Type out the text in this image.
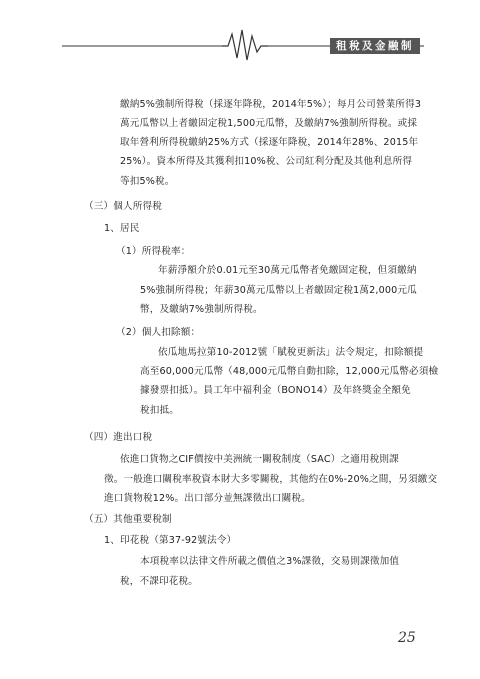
租稅及金融制度

繳納5%強制所得稅（採逐年降稅，2014年5%）；每月公司營業所得3

萬元瓜幣以上者繳固定稅1,500元瓜幣，及繳納7%強制所得稅。或採

取年營利所得稅繳納25%方式（採逐年降稅，2014年28%、2015年

25%）。資本所得及其獲利扣10%稅、公司紅利分配及其他利息所得

等扣5%稅。

（三）個人所得稅

1、居民

（1）所得稅率：

年薪淨額介於0.01元至30萬元瓜幣者免繳固定稅，但須繳納

5%強制所得稅；年薪30萬元瓜幣以上者繳固定稅1萬2,000元瓜

幣，及繳納7%強制所得稅。

（2）個人扣除額：

依瓜地馬拉第10-2012號「賦稅更新法」法令規定，扣除額提

高至60,000元瓜幣（48,000元瓜幣自動扣除，12,000元瓜幣必須檢

據發票扣抵）。員工年中福利金（BONO14）及年終獎金全額免

稅扣抵。

（四）進出口稅

依進口貨物之CIF價按中美洲統一關稅制度（SAC）之適用稅則課

徵。一般進口關稅率稅資本財大多零關稅，其他約在0%-20%之間，另須繳交

進口貨物稅12%。出口部分並無課徵出口關稅。

（五）其他重要稅制

1、印花稅（第37-92號法令）

本項稅率以法律文件所載之價值之3%課徵，交易則課徵加值

稅，不課印花稅。

25
